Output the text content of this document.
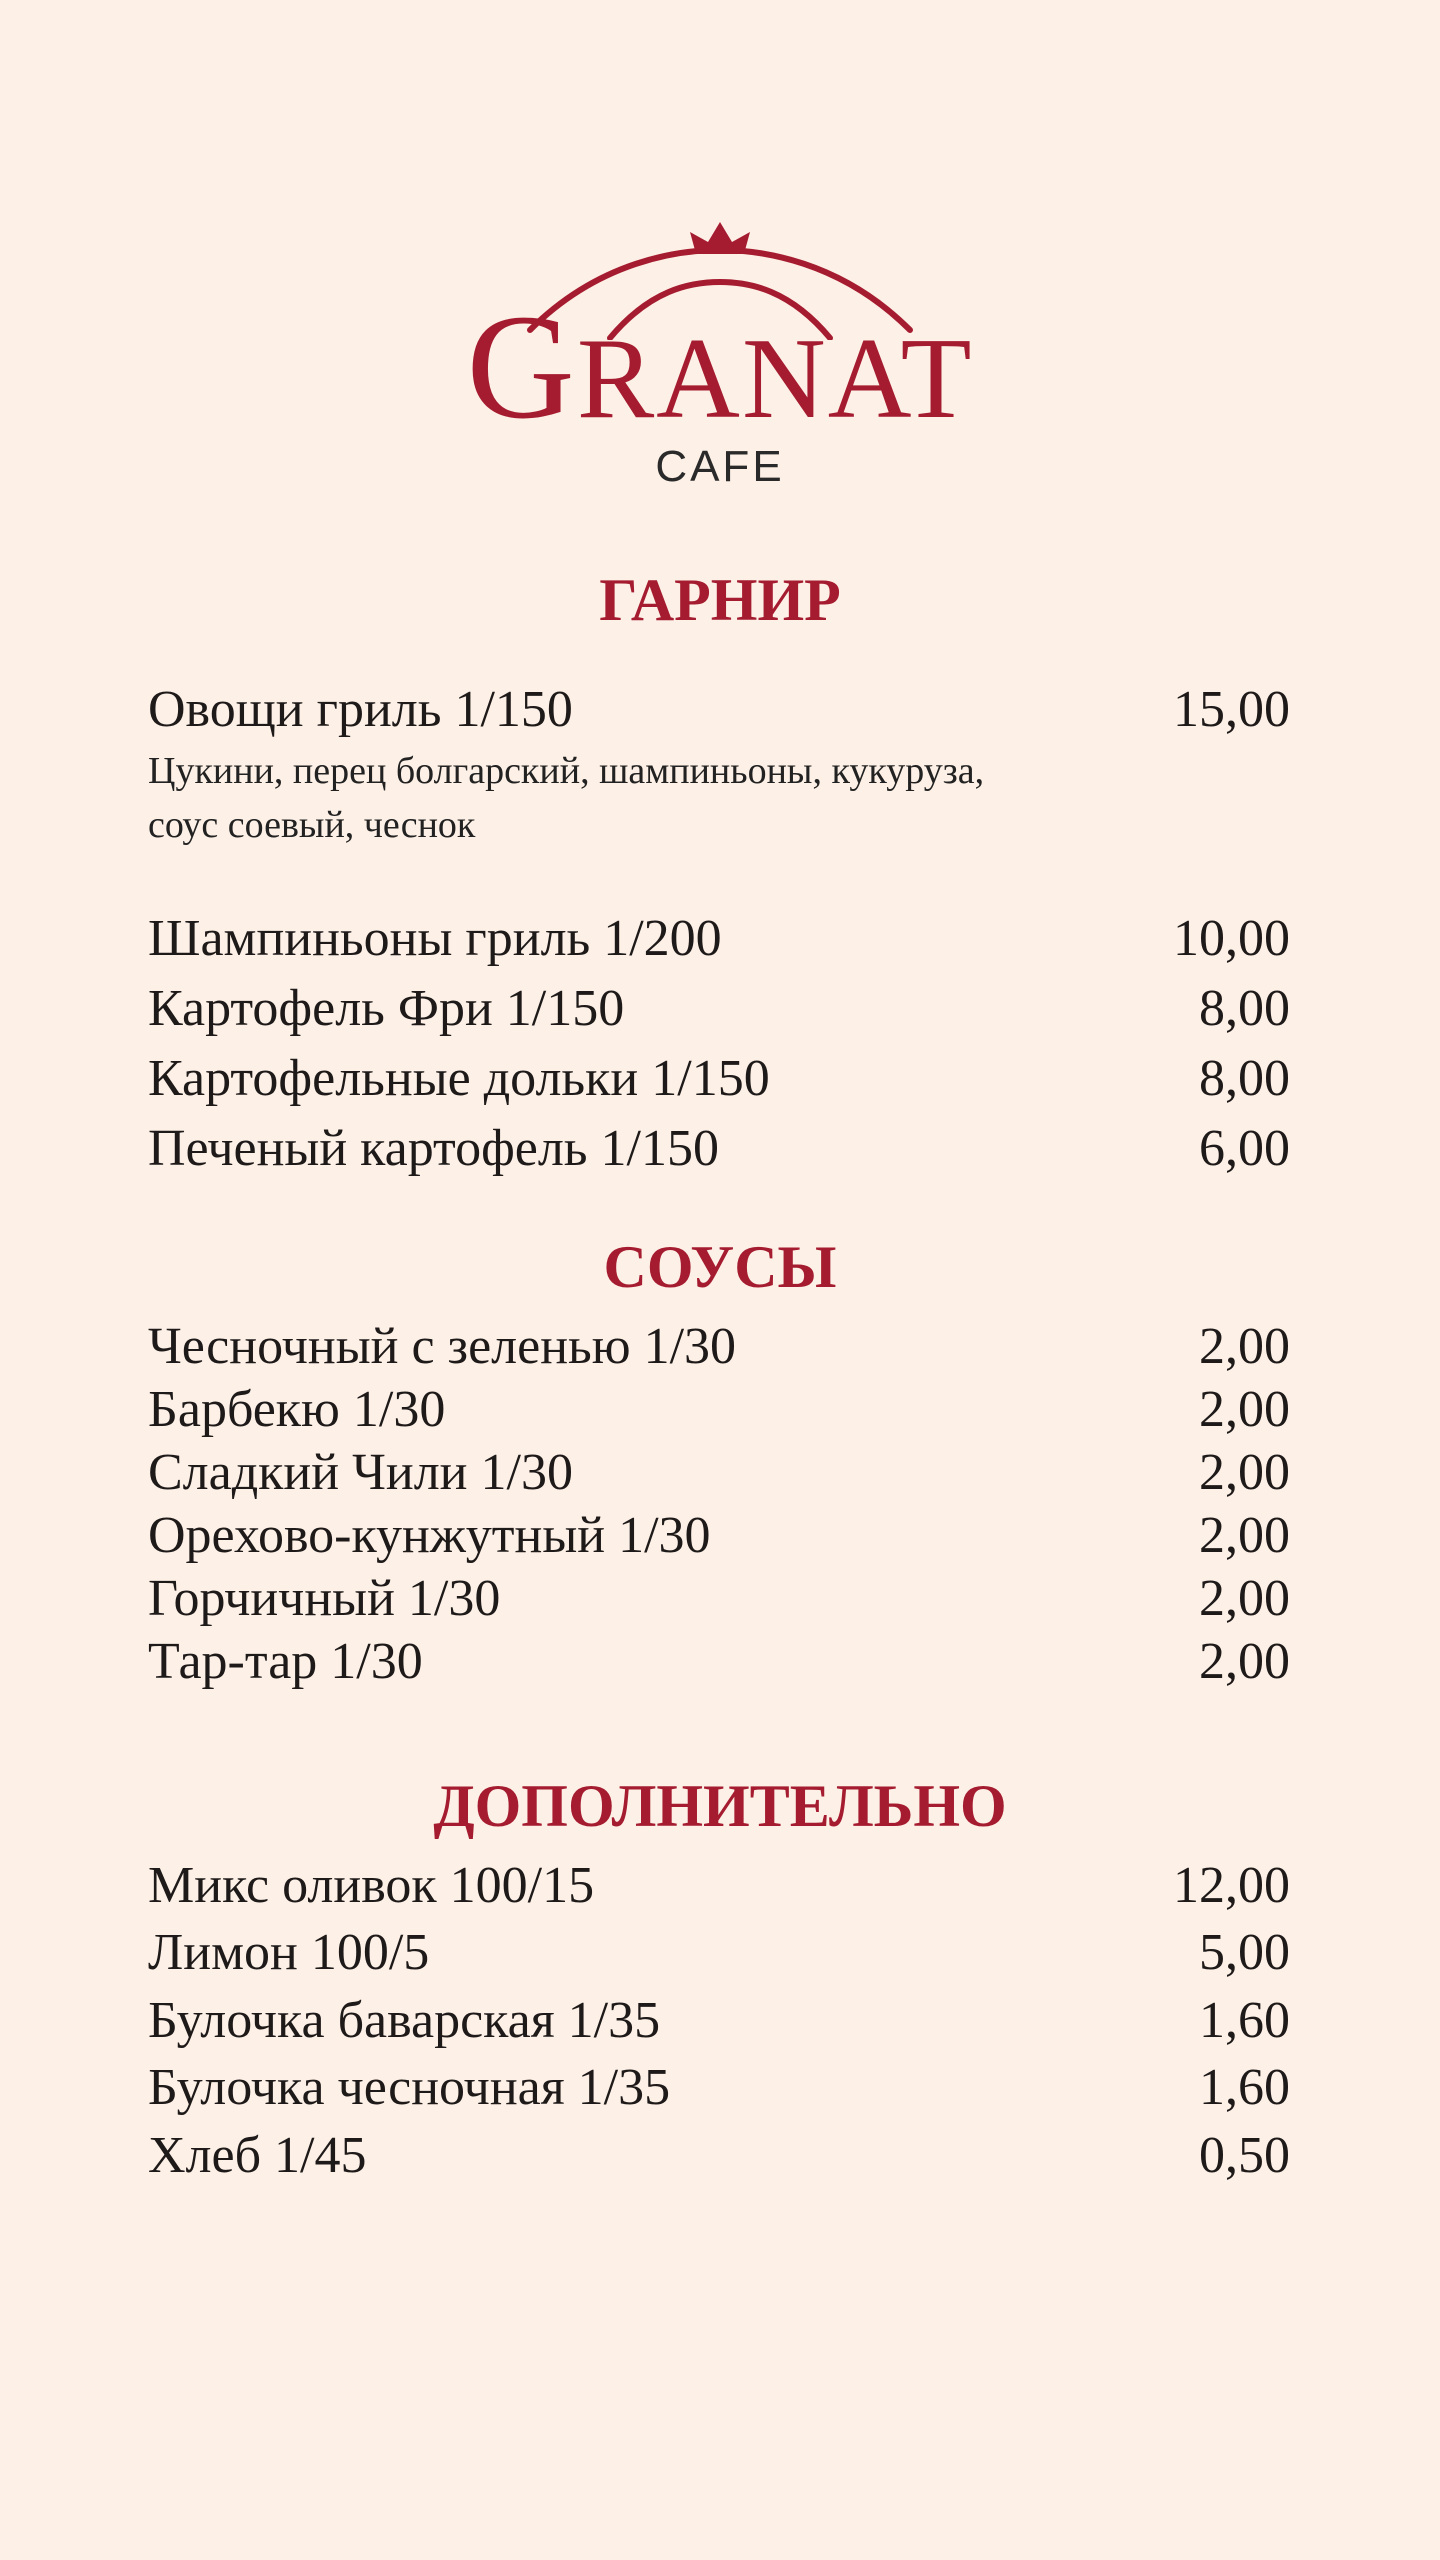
GRANAT
CAFE
ГАРНИР
Овощи гриль 1/150	15,00
Цукини, перец болгарский, шампиньоны, кукуруза,
соус соевый, чеснок
Шампиньоны гриль 1/200	10,00
Картофель Фри 1/150	8,00
Картофельные дольки 1/150	8,00
Печеный картофель 1/150	6,00
СОУСЫ
Чесночный с зеленью 1/30	2,00
Барбекю 1/30	2,00
Сладкий Чили 1/30	2,00
Орехово-кунжутный 1/30	2,00
Горчичный 1/30	2,00
Тар-тар 1/30	2,00
ДОПОЛНИТЕЛЬНО
Микс оливок 100/15	12,00
Лимон 100/5	5,00
Булочка баварская 1/35	1,60
Булочка чесночная 1/35	1,60
Хлеб 1/45	0,50
